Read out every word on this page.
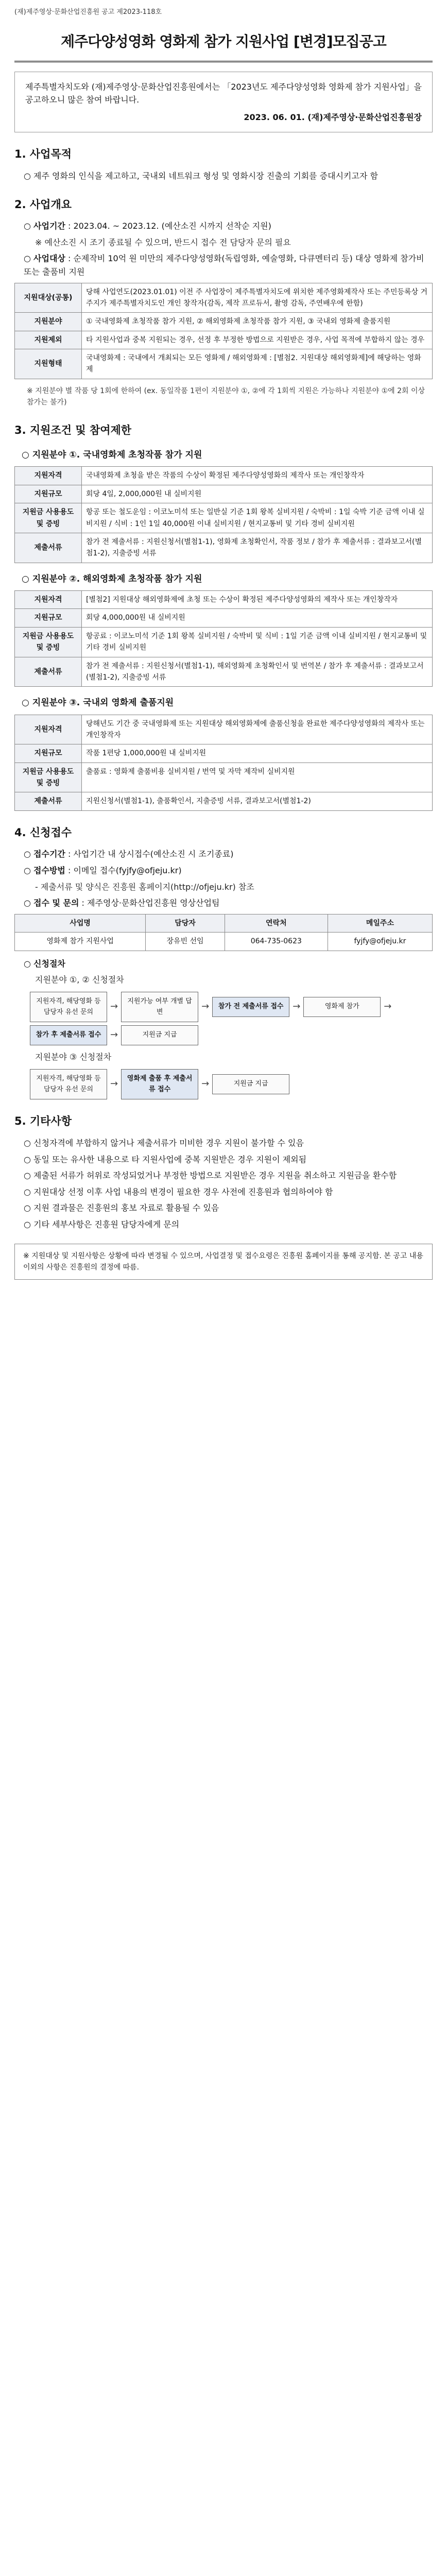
(재)제주영상·문화산업진흥원 공고 제2023-118호
제주다양성영화 영화제 참가 지원사업 [변경]모집공고
제주특별자치도와 (재)제주영상·문화산업진흥원에서는 「2023년도 제주다양성영화 영화제 참가 지원사업」을 공고하오니 많은 참여 바랍니다.
2023. 06. 01. (재)제주영상·문화산업진흥원장
1. 사업목적
○ 제주 영화의 인식을 제고하고, 국내외 네트워크 형성 및 영화시장 진출의 기회를 증대시키고자 함
2. 사업개요
○ 사업기간 : 2023.04. ~ 2023.12. (예산소진 시까지 선착순 지원)
※ 예산소진 시 조기 종료될 수 있으며, 반드시 접수 전 담당자 문의 필요
○ 사업대상 : 순제작비 10억 원 미만의 제주다양성영화(독립영화, 예술영화, 다큐멘터리 등) 대상 영화제 참가비 또는 출품비 지원
지원대상(공통)	당해 사업연도(2023.01.01) 이전 주 사업장이 제주특별자치도에 위치한 제주영화제작사 또는 주민등록상 거주지가 제주특별자치도인 개인 창작자(감독, 제작 프로듀서, 촬영 감독, 주연배우에 한함)
지원분야	① 국내영화제 초청작품 참가 지원, ② 해외영화제 초청작품 참가 지원, ③ 국내외 영화제 출품지원
지원제외	타 지원사업과 중복 지원되는 경우, 선정 후 부정한 방법으로 지원받은 경우, 사업 목적에 부합하지 않는 경우
지원형태	국내영화제 : 국내에서 개최되는 모든 영화제 / 해외영화제 : [별첨2. 지원대상 해외영화제]에 해당하는 영화제
※ 지원분야 별 작품 당 1회에 한하여 (ex. 동일작품 1편이 지원분야 ①, ②에 각 1회씩 지원은 가능하나 지원분야 ①에 2회 이상 참가는 불가)
3. 지원조건 및 참여제한
○ 지원분야 ①. 국내영화제 초청작품 참가 지원
지원자격	국내영화제 초청을 받은 작품의 수상이 확정된 제주다양성영화의 제작사 또는 개인창작자
지원규모	회당 4일, 2,000,000원 내 실비지원
지원금 사용용도 및 증빙	항공 또는 철도운임 : 이코노미석 또는 일반실 기준 1회 왕복 실비지원 / 숙박비 : 1일 숙박 기준 금액 이내 실비지원 / 식비 : 1인 1일 40,000원 이내 실비지원 / 현지교통비 및 기타 경비 실비지원
제출서류	참가 전 제출서류 : 지원신청서(별첨1-1), 영화제 초청확인서, 작품 정보 / 참가 후 제출서류 : 결과보고서(별첨1-2), 지출증빙 서류
○ 지원분야 ②. 해외영화제 초청작품 참가 지원
지원자격	[별첨2] 지원대상 해외영화제에 초청 또는 수상이 확정된 제주다양성영화의 제작사 또는 개인창작자
지원규모	회당 4,000,000원 내 실비지원
지원금 사용용도 및 증빙	항공료 : 이코노미석 기준 1회 왕복 실비지원 / 숙박비 및 식비 : 1일 기준 금액 이내 실비지원 / 현지교통비 및 기타 경비 실비지원
제출서류	참가 전 제출서류 : 지원신청서(별첨1-1), 해외영화제 초청확인서 및 번역본 / 참가 후 제출서류 : 결과보고서(별첨1-2), 지출증빙 서류
○ 지원분야 ③. 국내외 영화제 출품지원
지원자격	당해년도 기간 중 국내영화제 또는 지원대상 해외영화제에 출품신청을 완료한 제주다양성영화의 제작사 또는 개인창작자
지원규모	작품 1편당 1,000,000원 내 실비지원
지원금 사용용도 및 증빙	출품료 : 영화제 출품비용 실비지원 / 번역 및 자막 제작비 실비지원
제출서류	지원신청서(별첨1-1), 출품확인서, 지출증빙 서류, 결과보고서(별첨1-2)
4. 신청접수
○ 접수기간 : 사업기간 내 상시접수(예산소진 시 조기종료)
○ 접수방법 : 이메일 접수(fyjfy@ofjeju.kr)
- 제출서류 및 양식은 진흥원 홈페이지(http://ofjeju.kr) 참조
○ 접수 및 문의 : 제주영상·문화산업진흥원 영상산업팀
사업명	담당자	연락처	메일주소
영화제 참가 지원사업	장유빈 선임	064-735-0623	fyjfy@ofjeju.kr
○ 신청절차
지원분야 ①, ② 신청절차
지원자격, 해당영화 등 담당자 유선 문의	→	지원가능 여부 개별 답변	→	참가 전 제출서류 접수 →	영화제 참가	→
참가 후 제출서류 접수 →	지원금 지급
지원분야 ③ 신청절차
지원자격, 해당영화 등 담당자 유선 문의	→	영화제 출품 후 제출서류 접수	→	지원금 지급
5. 기타사항
○ 신청자격에 부합하지 않거나 제출서류가 미비한 경우 지원이 불가할 수 있음
○ 동일 또는 유사한 내용으로 타 지원사업에 중복 지원받은 경우 지원이 제외됨
○ 제출된 서류가 허위로 작성되었거나 부정한 방법으로 지원받은 경우 지원을 취소하고 지원금을 환수함
○ 지원대상 선정 이후 사업 내용의 변경이 필요한 경우 사전에 진흥원과 협의하여야 함
○ 지원 결과물은 진흥원의 홍보 자료로 활용될 수 있음
○ 기타 세부사항은 진흥원 담당자에게 문의
※ 지원대상 및 지원사항은 상황에 따라 변경될 수 있으며, 사업결정 및 접수요령은 진흥원 홈페이지를 통해 공지함. 본 공고 내용 이외의 사항은 진흥원의 결정에 따름.
